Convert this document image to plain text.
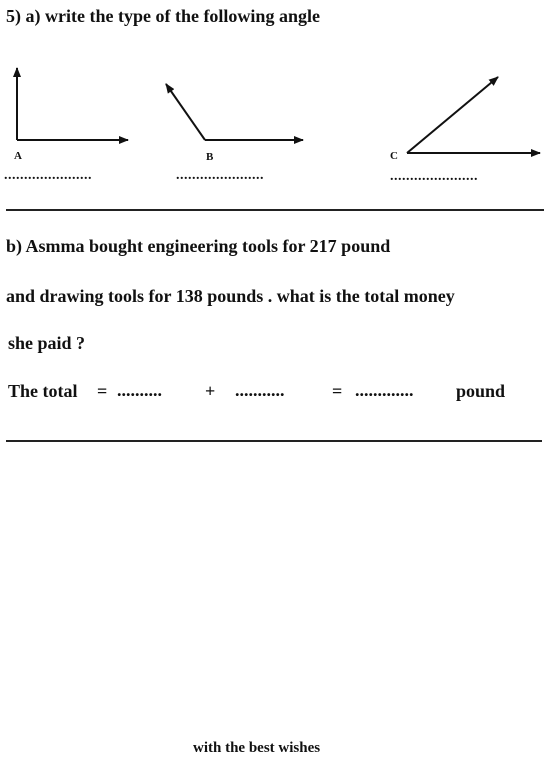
5) a) write the type of the following angle
A	B	C
......................	......................	......................
b) Asmma bought engineering tools for 217 pound
and drawing tools for 138 pounds . what is the total money
she paid ?
The total = .......... + ...........	= ............. pound
with the best wishes
